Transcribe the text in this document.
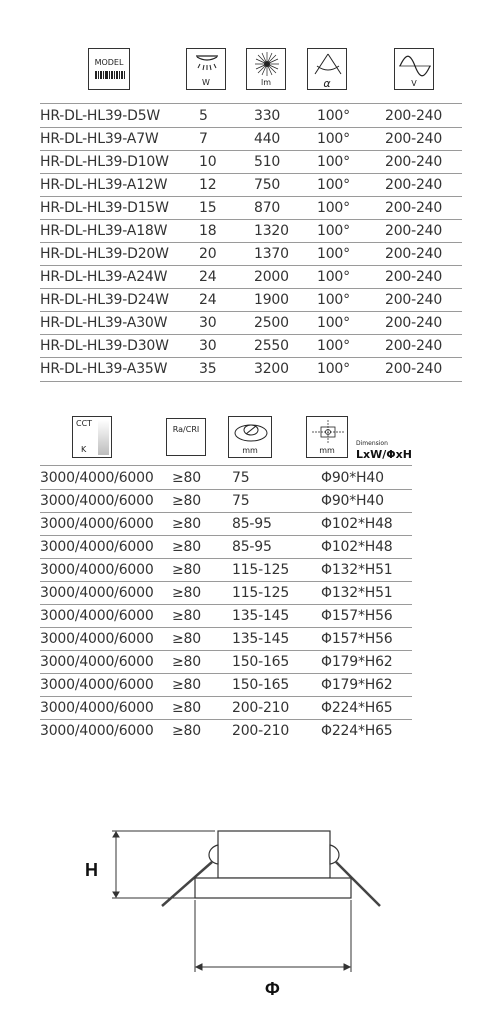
MODEL
W	lm	α	V
HR-DL-HL39-D5W	5	330	100°	200-240
HR-DL-HL39-A7W	7	440	100°	200-240
HR-DL-HL39-D10W 10	510	100°	200-240
HR-DL-HL39-A12W 12	750	100°	200-240
HR-DL-HL39-D15W 15	870	100°	200-240
HR-DL-HL39-A18W 18	1320 100°	200-240
HR-DL-HL39-D20W 20	1370 100°	200-240
HR-DL-HL39-A24W 24	2000 100°	200-240
HR-DL-HL39-D24W 24	1900 100°	200-240
HR-DL-HL39-A30W 30	2500 100°	200-240
HR-DL-HL39-D30W 30	2550 100°	200-240
HR-DL-HL39-A35W 35	3200 100°	200-240
CCT
K
Ra/CRI
mm	mm
Dimension
LxW/ΦxH
3000/4000/6000 ≥80 75	Φ90*H40
3000/4000/6000 ≥80 75	Φ90*H40
3000/4000/6000 ≥80 85-95	Φ102*H48
3000/4000/6000 ≥80 85-95	Φ102*H48
3000/4000/6000 ≥80 115-125 Φ132*H51
3000/4000/6000 ≥80 115-125 Φ132*H51
3000/4000/6000 ≥80 135-145 Φ157*H56
3000/4000/6000 ≥80 135-145 Φ157*H56
3000/4000/6000 ≥80 150-165 Φ179*H62
3000/4000/6000 ≥80 150-165 Φ179*H62
3000/4000/6000 ≥80 200-210 Φ224*H65
3000/4000/6000 ≥80 200-210 Φ224*H65
H
Φ
